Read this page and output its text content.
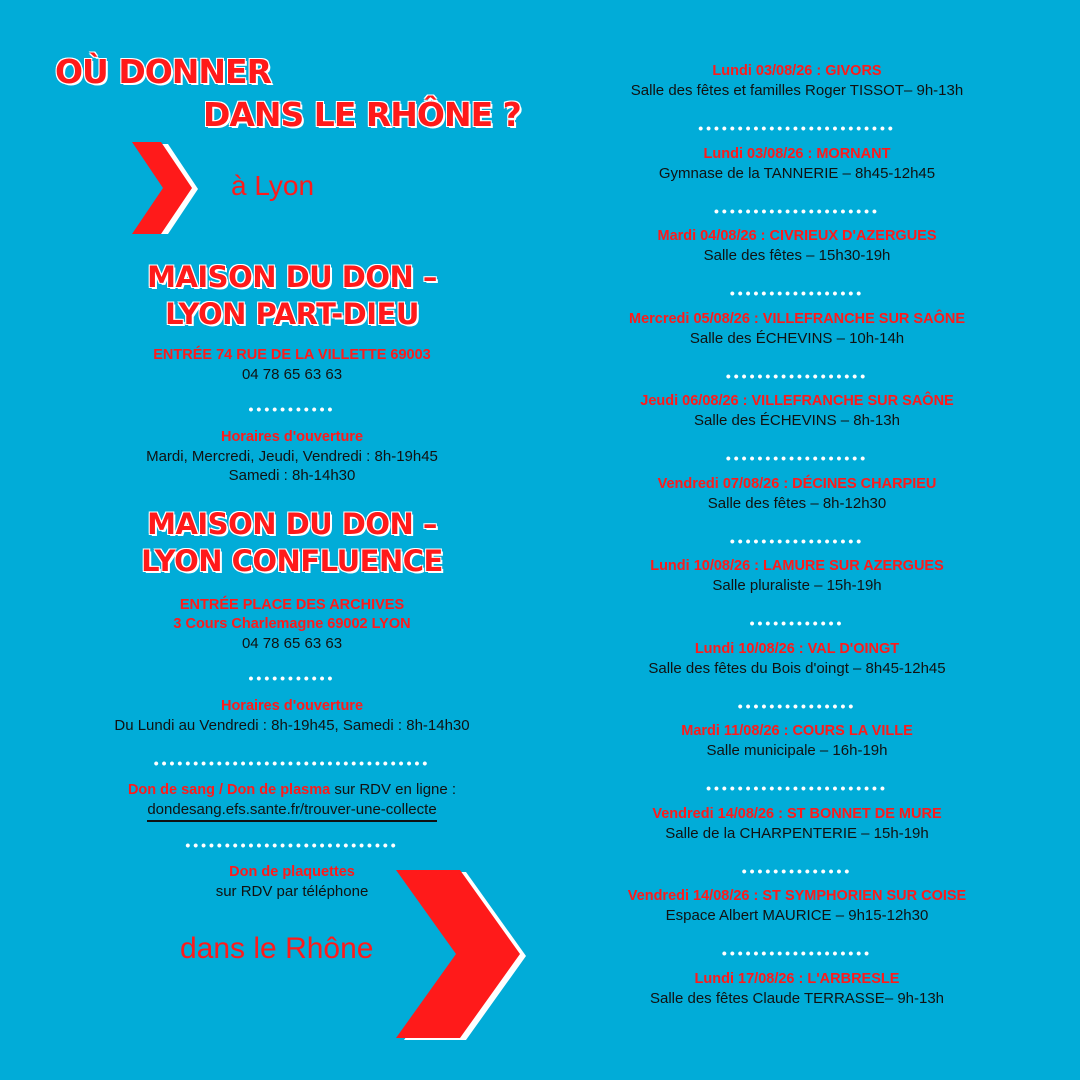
OÙ DONNER
DANS LE RHÔNE ?
à Lyon
MAISON DU DON –
LYON PART-DIEU
ENTRÉE 74 RUE DE LA VILLETTE 69003
04 78 65 63 63
•••••••••••
Horaires d'ouverture
Mardi, Mercredi, Jeudi, Vendredi : 8h-19h45
Samedi : 8h-14h30
MAISON DU DON –
LYON CONFLUENCE
ENTRÉE PLACE DES ARCHIVES
3 Cours Charlemagne 69002 LYON
04 78 65 63 63
•••••••••••
Horaires d'ouverture
Du Lundi au Vendredi : 8h-19h45, Samedi : 8h-14h30
•••••••••••••••••••••••••••••••••••
Don de sang / Don de plasma sur RDV en ligne :
dondesang.efs.sante.fr/trouver-une-collecte
•••••••••••••••••••••••••••
Don de plaquettes
sur RDV par téléphone
dans le Rhône
Lundi 03/08/26 : GIVORS
Salle des fêtes et familles Roger TISSOT– 9h-13h
•••••••••••••••••••••••••
Lundi 03/08/26 : MORNANT
Gymnase de la TANNERIE – 8h45-12h45
•••••••••••••••••••••
Mardi 04/08/26 : CIVRIEUX D'AZERGUES
Salle des fêtes – 15h30-19h
•••••••••••••••••
Mercredi 05/08/26 : VILLEFRANCHE SUR SAÔNE
Salle des ÉCHEVINS – 10h-14h
••••••••••••••••••
Jeudi 06/08/26 : VILLEFRANCHE SUR SAÔNE
Salle des ÉCHEVINS – 8h-13h
••••••••••••••••••
Vendredi 07/08/26 : DÉCINES CHARPIEU
Salle des fêtes – 8h-12h30
•••••••••••••••••
Lundi 10/08/26 : LAMURE SUR AZERGUES
Salle pluraliste – 15h-19h
••••••••••••
Lundi 10/08/26 : VAL D'OINGT
Salle des fêtes du Bois d'oingt – 8h45-12h45
•••••••••••••••
Mardi 11/08/26 : COURS LA VILLE
Salle municipale – 16h-19h
•••••••••••••••••••••••
Vendredi 14/08/26 : ST BONNET DE MURE
Salle de la CHARPENTERIE – 15h-19h
••••••••••••••
Vendredi 14/08/26 : ST SYMPHORIEN SUR COISE
Espace Albert MAURICE – 9h15-12h30
•••••••••••••••••••
Lundi 17/08/26 : L'ARBRESLE
Salle des fêtes Claude TERRASSE– 9h-13h
